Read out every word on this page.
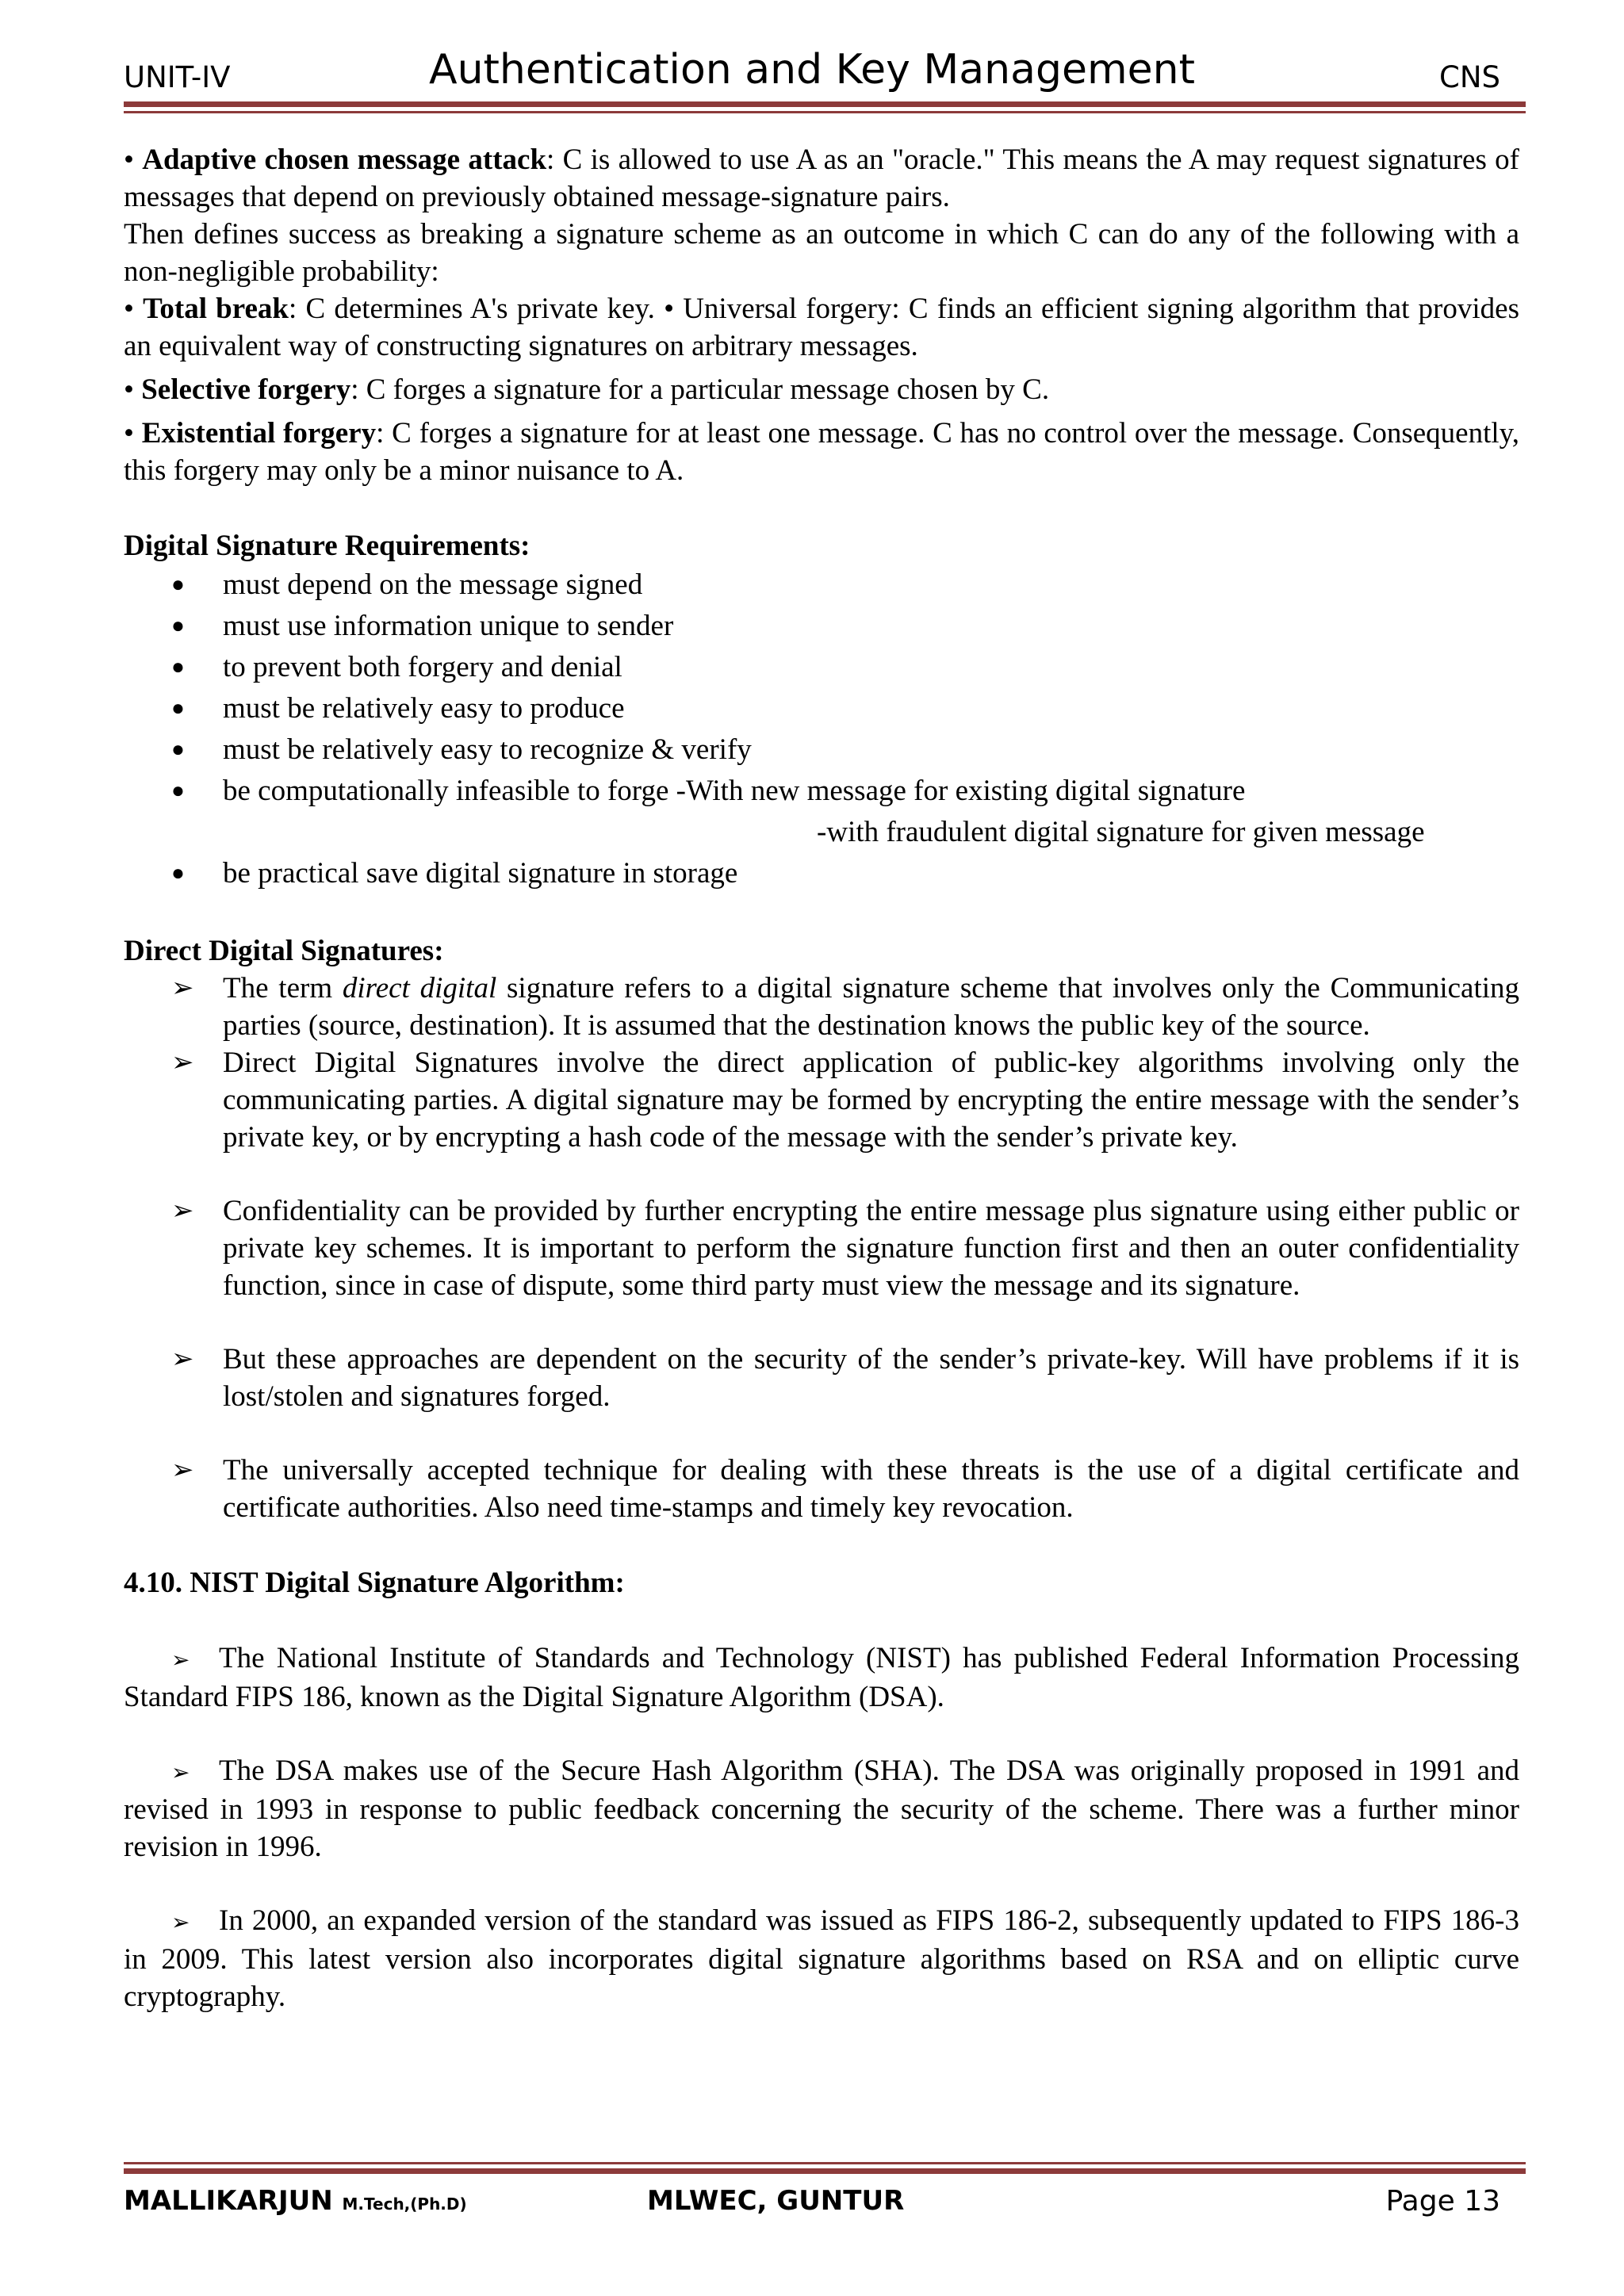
UNIT-IV	Authentication and Key Management	CNS

• Adaptive chosen message attack: C is allowed to use A as an "oracle." This means the A may request signatures of messages that depend on previously obtained message-signature pairs.

Then defines success as breaking a signature scheme as an outcome in which C can do any of the following with a non-negligible probability:

• Total break: C determines A's private key. • Universal forgery: C finds an efficient signing algorithm that provides an equivalent way of constructing signatures on arbitrary messages.

• Selective forgery: C forges a signature for a particular message chosen by C.

• Existential forgery: C forges a signature for at least one message. C has no control over the message. Consequently, this forgery may only be a minor nuisance to A.

Digital Signature Requirements:

● must depend on the message signed
● must use information unique to sender
● to prevent both forgery and denial
● must be relatively easy to produce
● must be relatively easy to recognize & verify
● be computationally infeasible to forge -With new message for existing digital signature
-with fraudulent digital signature for given message
● be practical save digital signature in storage

Direct Digital Signatures:

➢ The term direct digital signature refers to a digital signature scheme that involves only the Communicating parties (source, destination). It is assumed that the destination knows the public key of the source.
➢ Direct Digital Signatures involve the direct application of public-key algorithms involving only the communicating parties. A digital signature may be formed by encrypting the entire message with the sender’s private key, or by encrypting a hash code of the message with the sender’s private key.
➢ Confidentiality can be provided by further encrypting the entire message plus signature using either public or private key schemes. It is important to perform the signature function first and then an outer confidentiality function, since in case of dispute, some third party must view the message and its signature.
➢ But these approaches are dependent on the security of the sender’s private-key. Will have problems if it is lost/stolen and signatures forged.
➢ The universally accepted technique for dealing with these threats is the use of a digital certificate and certificate authorities. Also need time-stamps and timely key revocation.

4.10. NIST Digital Signature Algorithm:

➢ The National Institute of Standards and Technology (NIST) has published Federal Information Processing Standard FIPS 186, known as the Digital Signature Algorithm (DSA).

➢ The DSA makes use of the Secure Hash Algorithm (SHA). The DSA was originally proposed in 1991 and revised in 1993 in response to public feedback concerning the security of the scheme. There was a further minor revision in 1996.

➢ In 2000, an expanded version of the standard was issued as FIPS 186-2, subsequently updated to FIPS 186-3 in 2009. This latest version also incorporates digital signature algorithms based on RSA and on elliptic curve cryptography.

MALLIKARJUN M.Tech,(Ph.D)	MLWEC, GUNTUR	Page 13
